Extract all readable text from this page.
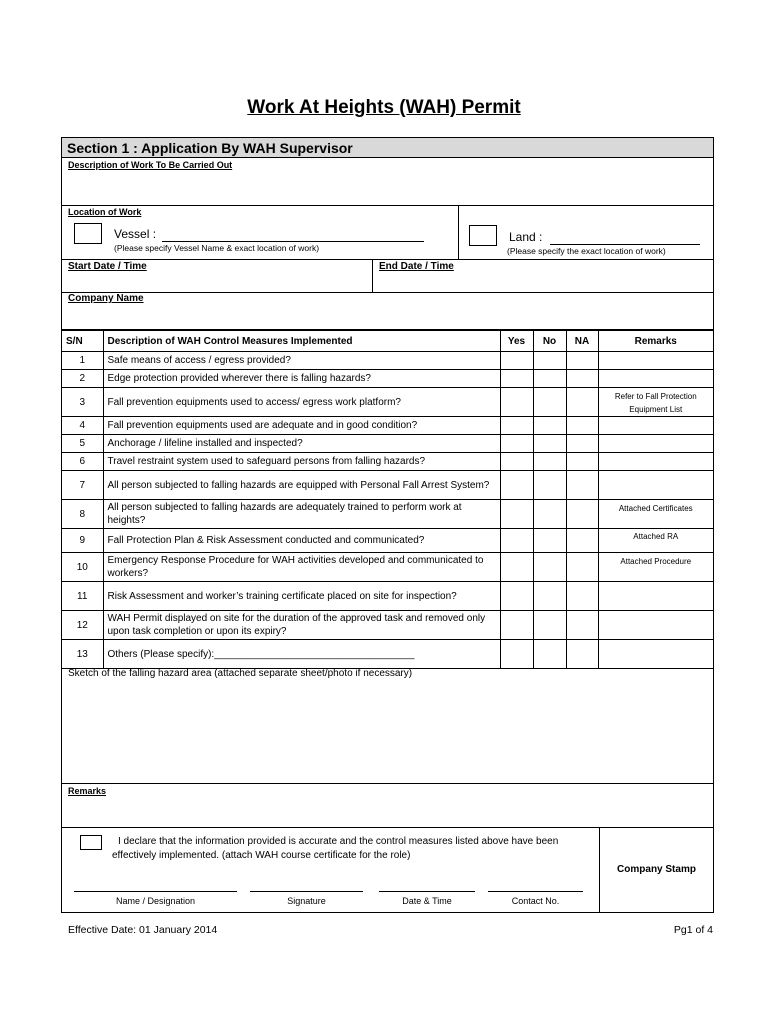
Work At Heights (WAH) Permit
Section 1 : Application By WAH Supervisor
Description of Work To Be Carried Out
Location of Work
Vessel :
(Please specify Vessel Name & exact location of work)
Land :
(Please specify the exact location of work)
Start Date / Time	End Date / Time
Company Name
S/N	Description of WAH Control Measures Implemented	Yes	No	NA	Remarks
1	Safe means of access / egress provided?				
2	Edge protection provided wherever there is falling hazards?				
3	Fall prevention equipments used to access/ egress work platform?				Refer to Fall Protection Equipment List
4	Fall prevention equipments used are adequate and in good condition?				
5	Anchorage / lifeline installed and inspected?				
6	Travel restraint system used to safeguard persons from falling hazards?				
7	All person subjected to falling hazards are equipped with Personal Fall Arrest System?				
8	All person subjected to falling hazards are adequately trained to perform work at heights?				Attached Certificates
9	Fall Protection Plan & Risk Assessment conducted and communicated?				Attached RA
10	Emergency Response Procedure for WAH activities developed and communicated to workers?				Attached Procedure
11	Risk Assessment and worker’s training certificate placed on site for inspection?				
12	WAH Permit displayed on site for the duration of the approved task and removed only upon task completion or upon its expiry?				
13	Others (Please specify):____________________________________				
Sketch of the falling hazard area (attached separate sheet/photo if necessary)
Remarks
I declare that the information provided is accurate and the control measures listed above have been effectively implemented. (attach WAH course certificate for the role)
Company Stamp
Name / Designation	Signature	Date & Time	Contact No.
Effective Date: 01 January 2014	Pg1 of 4
